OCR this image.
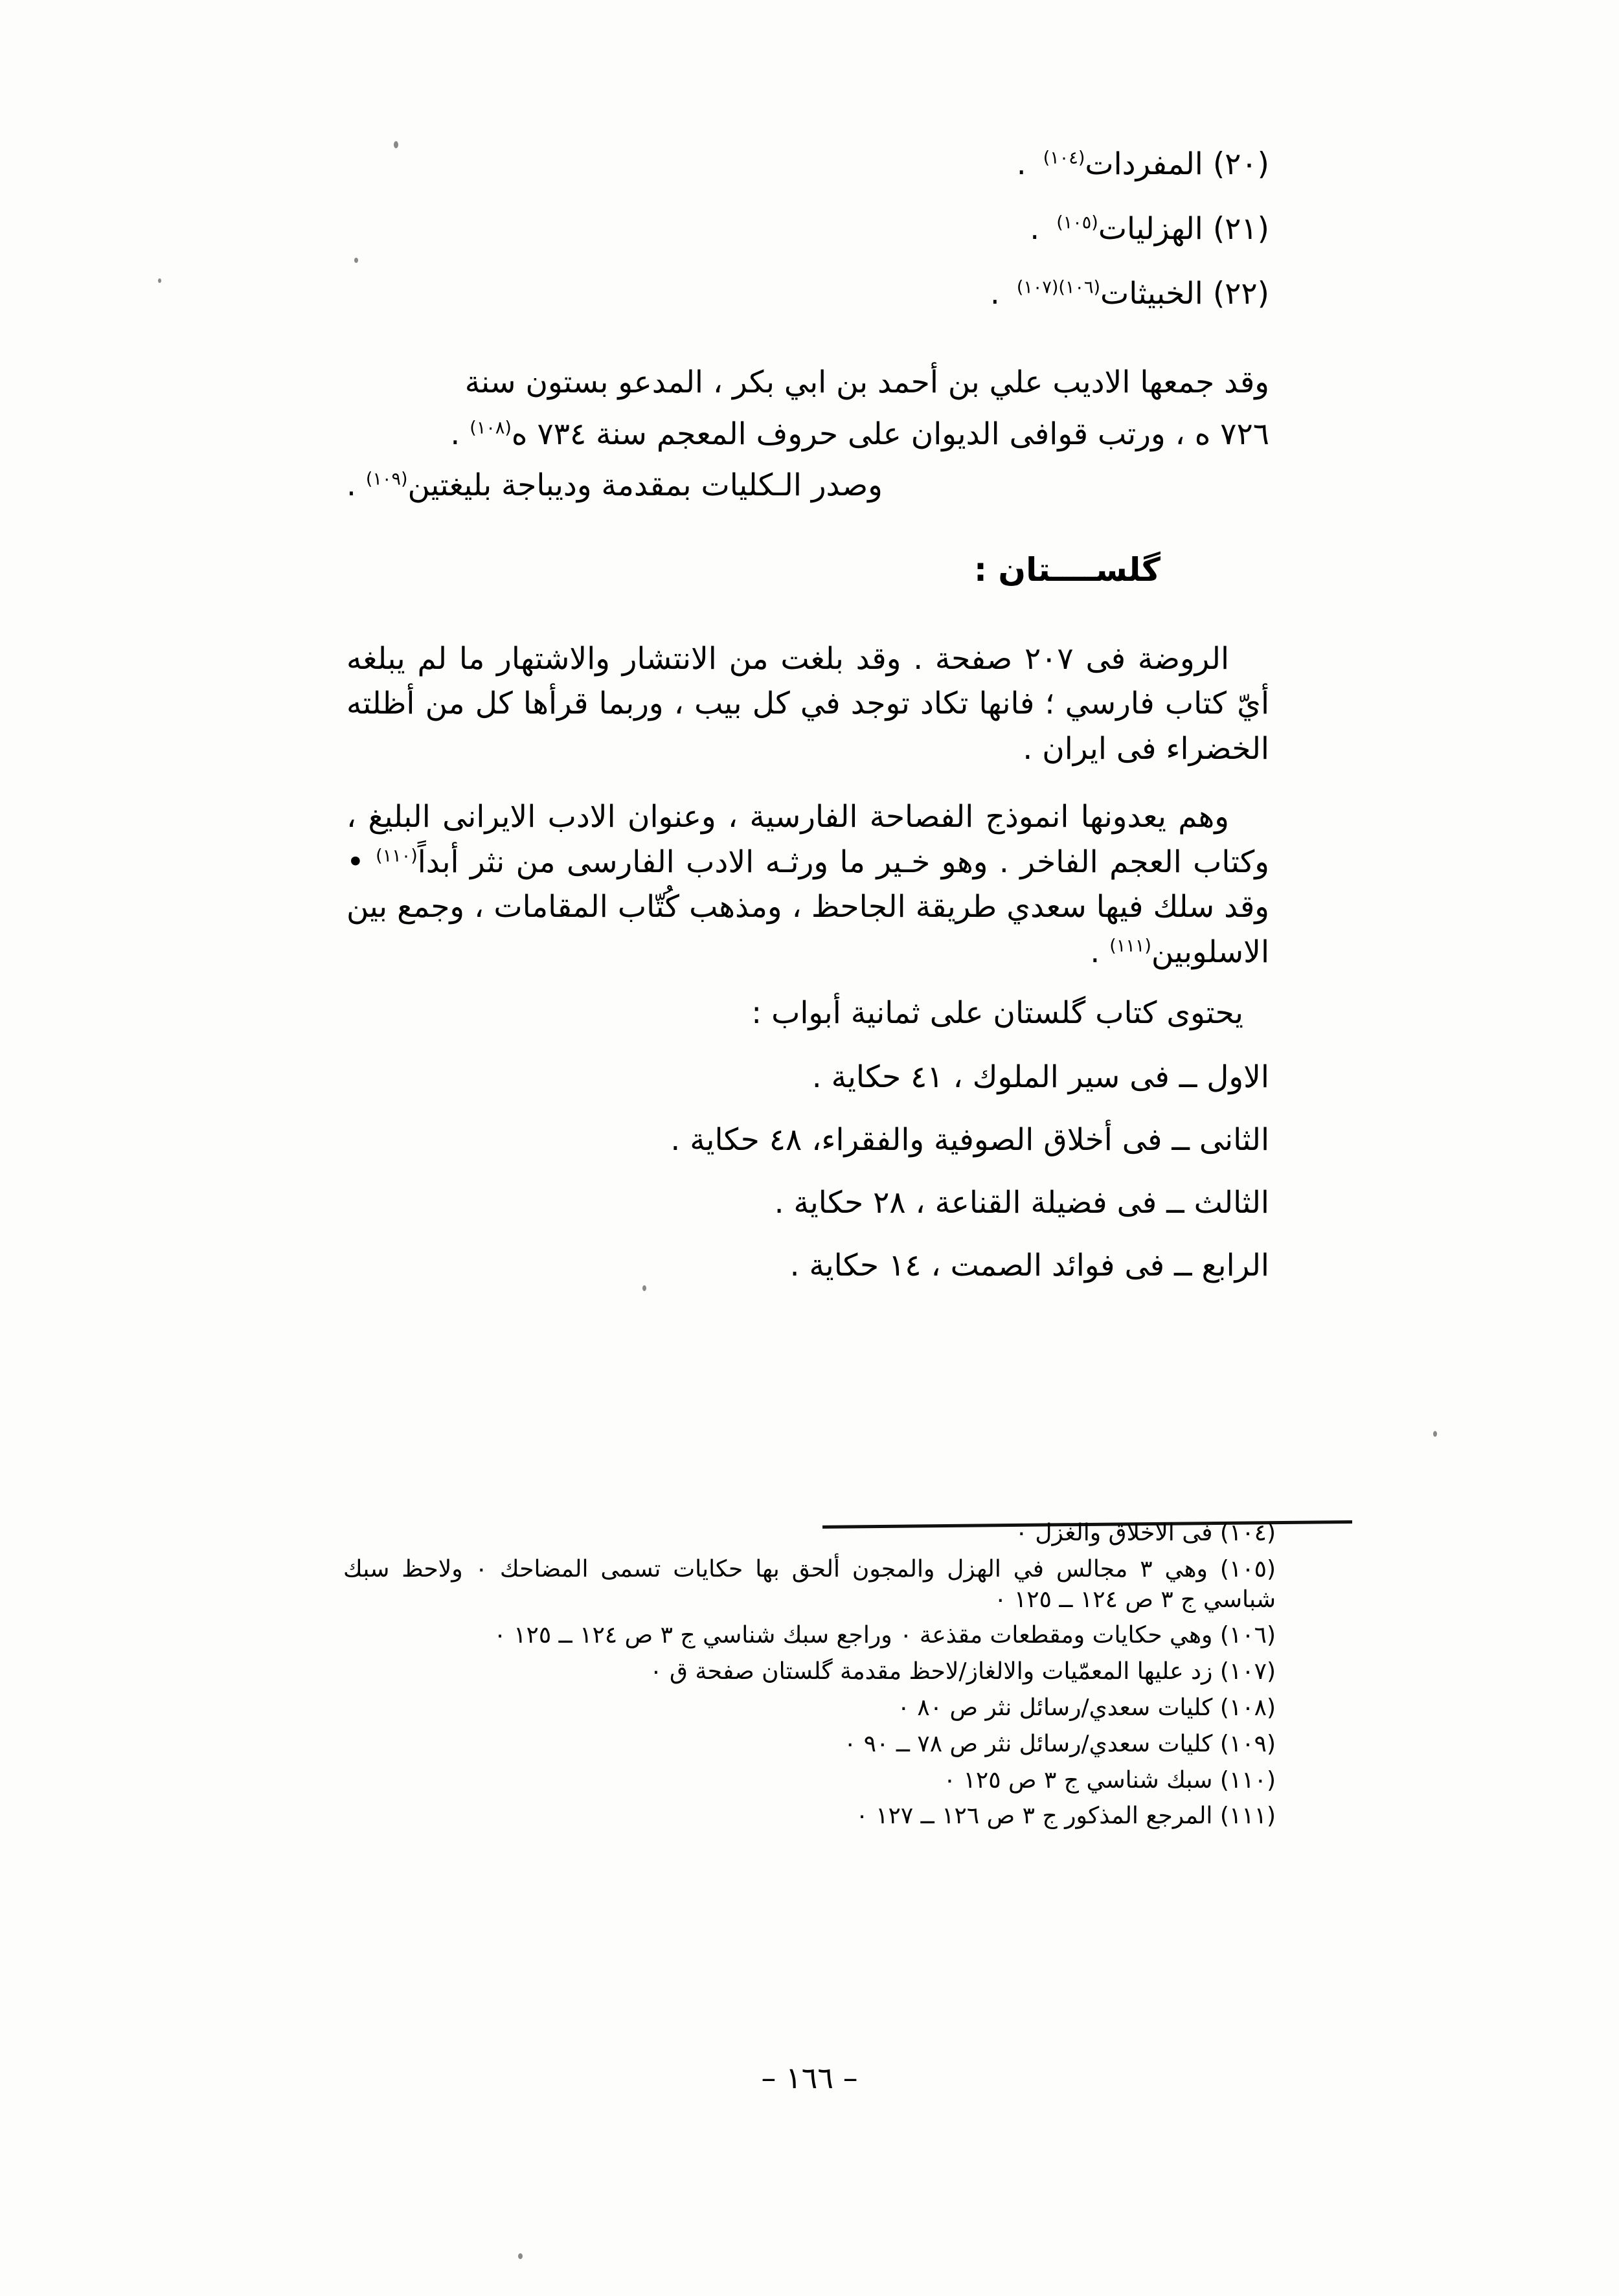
(٢٠) المفردات$^{(١٠٤)}$.
(٢١) الهزليات$^{(١٠٥)}$.
(٢٢) الخبيثات$^{(١٠٦)(١٠٧)}$.

وقد جمعها الاديب علي بن أحمد بن ابي بكر ، المدعو بستون سنة

٧٢٦ ه ، ورتب قوافى الديوان على حروف المعجم سنة ٧٣٤ ه$^{(١٠٨)}$ .

وصدر الـكليات بمقدمة وديباجة بليغتين$^{(١٠٩)}$ .

گلســــتان :

الروضة فى ٢٠٧ صفحة . وقد بلغت من الانتشار والاشتهار ما لم يبلغه أيّ كتاب فارسي ؛ فانها تكاد توجد في كل بيب ، وربما قرأها كل من أظلته الخضراء فى ايران .

وهم يعدونها انموذج الفصاحة الفارسية ، وعنوان الادب الايرانى البليغ ، وكتاب العجم الفاخر . وهو خـير ما ورثـه الادب الفارسى من نثر أبداً$^{(١١٠)}$ • وقد سلك فيها سعدي طريقة الجاحظ ، ومذهب كُتّاب المقامات ، وجمع بين الاسلوبين$^{(١١١)}$ .

يحتوى كتاب گلستان على ثمانية أبواب :
الاول ــ فى سير الملوك ، ٤١ حكاية .
الثانى ــ فى أخلاق الصوفية والفقراء، ٤٨ حكاية .
الثالث ــ فى فضيلة القناعة ، ٢٨ حكاية .
الرابع ــ فى فوائد الصمت ، ١٤ حكاية .

(١٠٤) فى الاخلاق والغزل ٠

(١٠٥) وهي ٣ مجالس في الهزل والمجون ألحق بها حكايات تسمى المضاحك ٠ ولاحظ سبك شباسي ج ٣ ص ١٢٤ ــ ١٢٥ ٠

(١٠٦) وهي حكايات ومقطعات مقذعة ٠ وراجع سبك شناسي ج ٣ ص ١٢٤ ــ ١٢٥ ٠

(١٠٧) زد عليها المعمّيات والالغاز/لاحظ مقدمة گلستان صفحة ق ٠

(١٠٨) كليات سعدي/رسائل نثر ص ٨٠ ٠

(١٠٩) كليات سعدي/رسائل نثر ص ٧٨ ــ ٩٠ ٠

(١١٠) سبك شناسي ج ٣ ص ١٢٥ ٠

(١١١) المرجع المذكور ج ٣ ص ١٢٦ ــ ١٢٧ ٠

– ١٦٦ –
